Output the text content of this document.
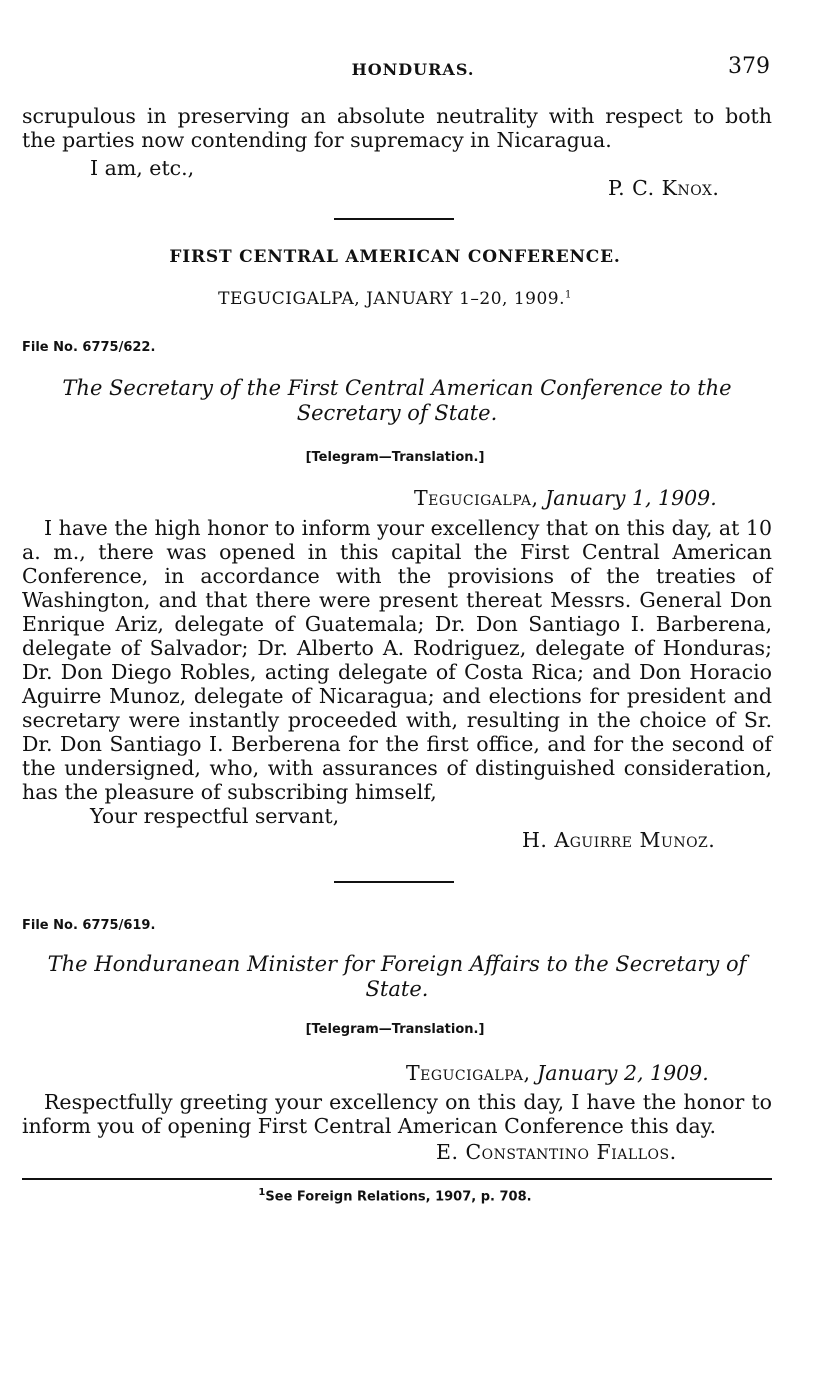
HONDURAS.	379
scrupulous in preserving an absolute neutrality with respect to both the parties now contending for supremacy in Nicaragua.
I am, etc.,
P. C. Knox.
FIRST CENTRAL AMERICAN CONFERENCE.
TEGUCIGALPA, JANUARY 1–20, 1909.$^1$
File No. 6775/622.
The Secretary of the First Central American Conference to the Secretary of State.
[Telegram—Translation.]
Tegucigalpa, January 1, 1909.

I have the high honor to inform your excellency that on this day, at 10 a. m., there was opened in this capital the First Central American Conference, in accordance with the provisions of the treaties of Washington, and that there were present thereat Messrs. General Don Enrique Ariz, delegate of Guatemala; Dr. Don Santiago I. Barberena, delegate of Salvador; Dr. Alberto A. Rodriguez, delegate of Honduras; Dr. Don Diego Robles, acting delegate of Costa Rica; and Don Horacio Aguirre Munoz, delegate of Nicaragua; and elections for president and secretary were instantly proceeded with, resulting in the choice of Sr. Dr. Don Santiago I. Berberena for the first office, and for the second of the undersigned, who, with assurances of distinguished consideration, has the pleasure of subscribing himself,

Your respectful servant,
H. Aguirre Munoz.
File No. 6775/619.
The Honduranean Minister for Foreign Affairs to the Secretary of State.
[Telegram—Translation.]
Tegucigalpa, January 2, 1909.

Respectfully greeting your excellency on this day, I have the honor to inform you of opening First Central American Conference this day.

E. Constantino Fiallos.
$^1$See Foreign Relations, 1907, p. 708.
